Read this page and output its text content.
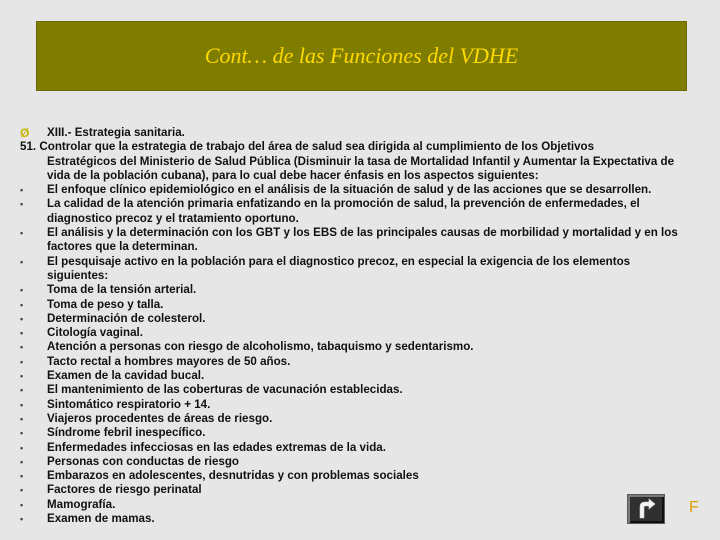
Cont… de las Funciones del VDHE
Ø	XIII.- Estrategia sanitaria.
51. Controlar que la estrategia de trabajo del área de salud sea dirigida al cumplimiento de los Objetivos
Estratégicos del Ministerio de Salud Pública (Disminuir la tasa de Mortalidad Infantil y Aumentar la Expectativa de vida de la población cubana), para lo cual debe hacer énfasis en los aspectos siguientes:
•	El enfoque clínico epidemiológico en el análisis de la situación de salud y de las acciones que se desarrollen.
•	La calidad de la atención primaria enfatizando en la promoción de salud, la prevención de enfermedades, el diagnostico precoz y el tratamiento oportuno.
•	El análisis y la determinación con los GBT y los EBS de las principales causas de morbilidad y mortalidad y en los factores que la determinan.
•	El pesquisaje activo en la población para el diagnostico precoz, en especial la exigencia de los elementos siguientes:
•	Toma de la tensión arterial.
•	Toma de peso y talla.
•	Determinación de colesterol.
•	Citología vaginal.
•	Atención a personas con riesgo de alcoholismo, tabaquismo y sedentarismo.
•	Tacto rectal a hombres mayores de 50 años.
•	Examen de la cavidad bucal.
•	El mantenimiento de las coberturas de vacunación establecidas.
•	Sintomático respiratorio + 14.
•	Viajeros procedentes de áreas de riesgo.
•	Síndrome febril inespecífico.
•	Enfermedades infecciosas en las edades extremas de la vida.
•	Personas con conductas de riesgo
•	Embarazos en adolescentes, desnutridas y con problemas sociales
•	Factores de riesgo perinatal
•	Mamografía.
•	Examen de mamas.
F
